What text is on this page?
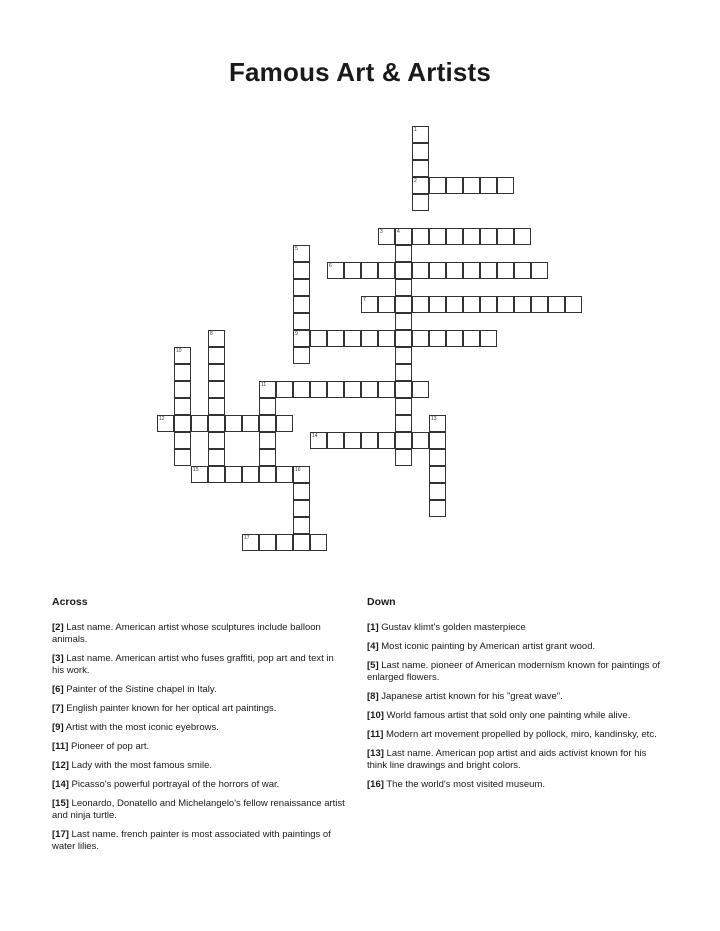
Famous Art & Artists
1
2
3	4
5
9
6
7
8
10
11
12
14
13
15	16
17
Across
[2] Last name. American artist whose sculptures include balloon animals.
[3] Last name. American artist who fuses graffiti, pop art and text in his work.
[6] Painter of the Sistine chapel in Italy.
[7] English painter known for her optical art paintings.
[9] Artist with the most iconic eyebrows.
[11] Pioneer of pop art.
[12] Lady with the most famous smile.
[14] Picasso's powerful portrayal of the horrors of war.
[15] Leonardo, Donatello and Michelangelo's fellow renaissance artist and ninja turtle.
[17] Last name. french painter is most associated with paintings of water lilies.
Down
[1] Gustav klimt's golden masterpiece
[4] Most iconic painting by American artist grant wood.
[5] Last name. pioneer of American modernism known for paintings of enlarged flowers.
[8] Japanese artist known for his "great wave".
[10] World famous artist that sold only one painting while alive.
[11] Modern art movement propelled by pollock, miro, kandinsky, etc.
[13] Last name. American pop artist and aids activist known for his think line drawings and bright colors.
[16] The the world's most visited museum.
